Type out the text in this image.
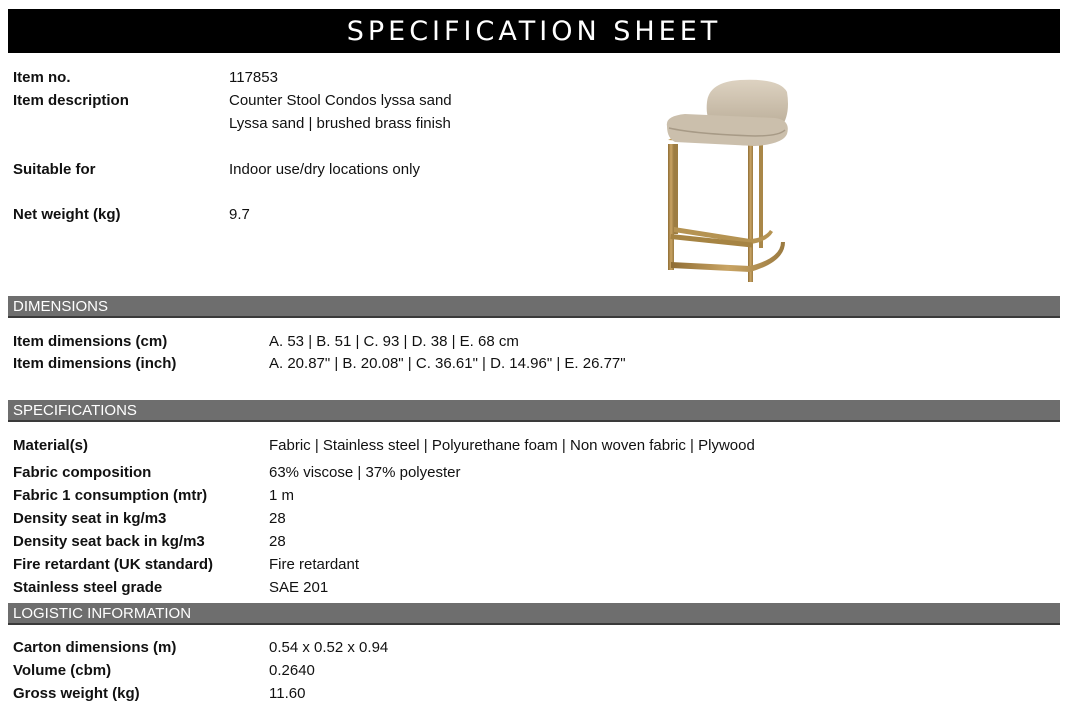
SPECIFICATION SHEET
Item no.	117853
Item description	Counter Stool Condos lyssa sand
Lyssa sand | brushed brass finish
Suitable for	Indoor use/dry locations only
Net weight (kg)	9.7
DIMENSIONS
Item dimensions (cm)	A. 53 | B. 51 | C. 93 | D. 38 | E. 68 cm
Item dimensions (inch)	A. 20.87" | B. 20.08" | C. 36.61" | D. 14.96" | E. 26.77"
SPECIFICATIONS
Material(s)	Fabric | Stainless steel | Polyurethane foam | Non woven fabric | Plywood
Fabric composition	63% viscose | 37% polyester
Fabric 1 consumption (mtr)	1 m
Density seat in kg/m3	28
Density seat back in kg/m3	28
Fire retardant (UK standard)	Fire retardant
Stainless steel grade	SAE 201
LOGISTIC INFORMATION
Carton dimensions (m)	0.54 x 0.52 x 0.94
Volume (cbm)	0.2640
Gross weight (kg)	11.60
